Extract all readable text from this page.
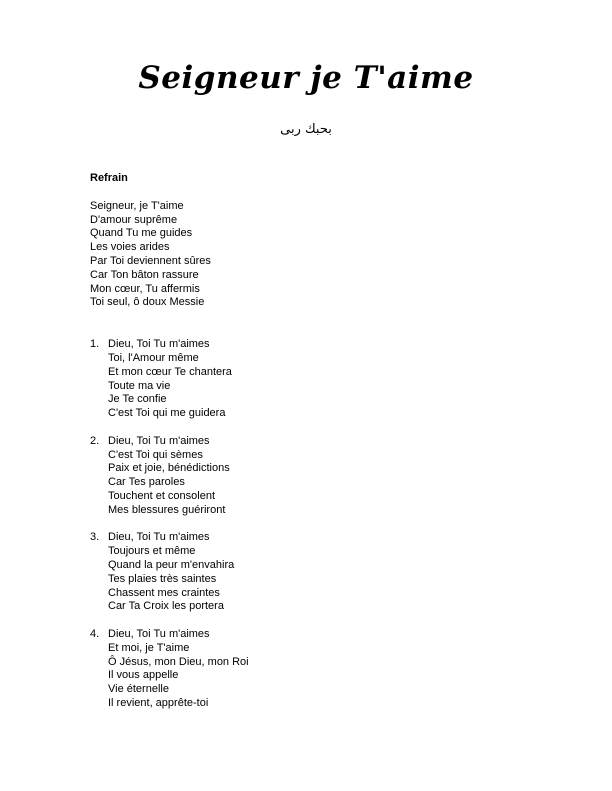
Seigneur je T'aime
بحبك ربى
Refrain
Seigneur, je T'aime
D'amour suprême
Quand Tu me guides
Les voies arides
Par Toi deviennent sûres
Car Ton bâton rassure
Mon cœur, Tu affermis
Toi seul, ô doux Messie
1. Dieu, Toi Tu m'aimes
Toi, l'Amour même
Et mon cœur Te chantera
Toute ma vie
Je Te confie
C'est Toi qui me guidera
2. Dieu, Toi Tu m'aimes
C'est Toi qui sèmes
Paix et joie, bénédictions
Car Tes paroles
Touchent et consolent
Mes blessures guériront
3. Dieu, Toi Tu m'aimes
Toujours et même
Quand la peur m'envahira
Tes plaies très saintes
Chassent mes craintes
Car Ta Croix les portera
4. Dieu, Toi Tu m'aimes
Et moi, je T'aime
Ô Jésus, mon Dieu, mon Roi
Il vous appelle
Vie éternelle
Il revient, apprête-toi
